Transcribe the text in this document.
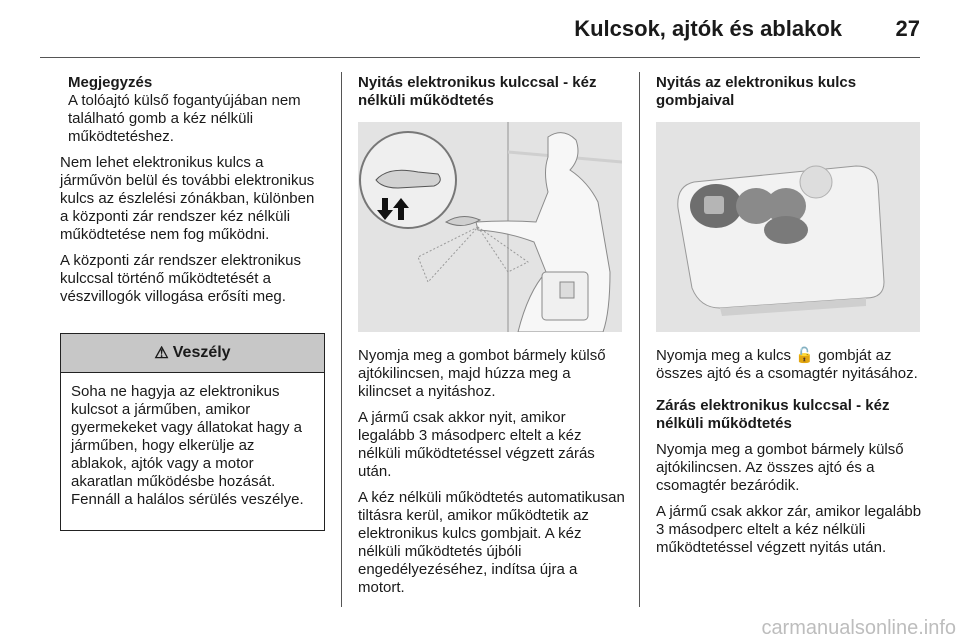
Kulcsok, ajtók és ablakok 27
Megjegyzés

A tolóajtó külső fogantyújában nem található gomb a kéz nélküli működtetéshez.

Nem lehet elektronikus kulcs a járművön belül és további elektronikus kulcs az észlelési zónákban, különben a központi zár rendszer kéz nélküli működtetése nem fog működni.

A központi zár rendszer elektronikus kulccsal történő működtetését a vészvillogók villogása erősíti meg.

⚠ Veszély
Soha ne hagyja az elektronikus kulcsot a járműben, amikor gyermekeket vagy állatokat hagy a járműben, hogy elkerülje az ablakok, ajtók vagy a motor akaratlan működésbe hozását. Fennáll a halálos sérülés veszélye.

Nyitás elektronikus kulccsal - kéz nélküli működtetés

Nyomja meg a gombot bármely külső ajtókilincsen, majd húzza meg a kilincset a nyitáshoz.

A jármű csak akkor nyit, amikor legalább 3 másodperc eltelt a kéz nélküli működtetéssel végzett zárás után.

A kéz nélküli működtetés automatikusan tiltásra kerül, amikor működtetik az elektronikus kulcs gombjait. A kéz nélküli működtetés újbóli engedélyezéséhez, indítsa újra a motort.

Nyitás az elektronikus kulcs gombjaival

Nyomja meg a kulcs 🔓 gombját az összes ajtó és a csomagtér nyitásához.

Zárás elektronikus kulccsal - kéz nélküli működtetés

Nyomja meg a gombot bármely külső ajtókilincsen. Az összes ajtó és a csomagtér bezáródik.

A jármű csak akkor zár, amikor legalább 3 másodperc eltelt a kéz nélküli működtetéssel végzett nyitás után.

carmanualsonline.info
